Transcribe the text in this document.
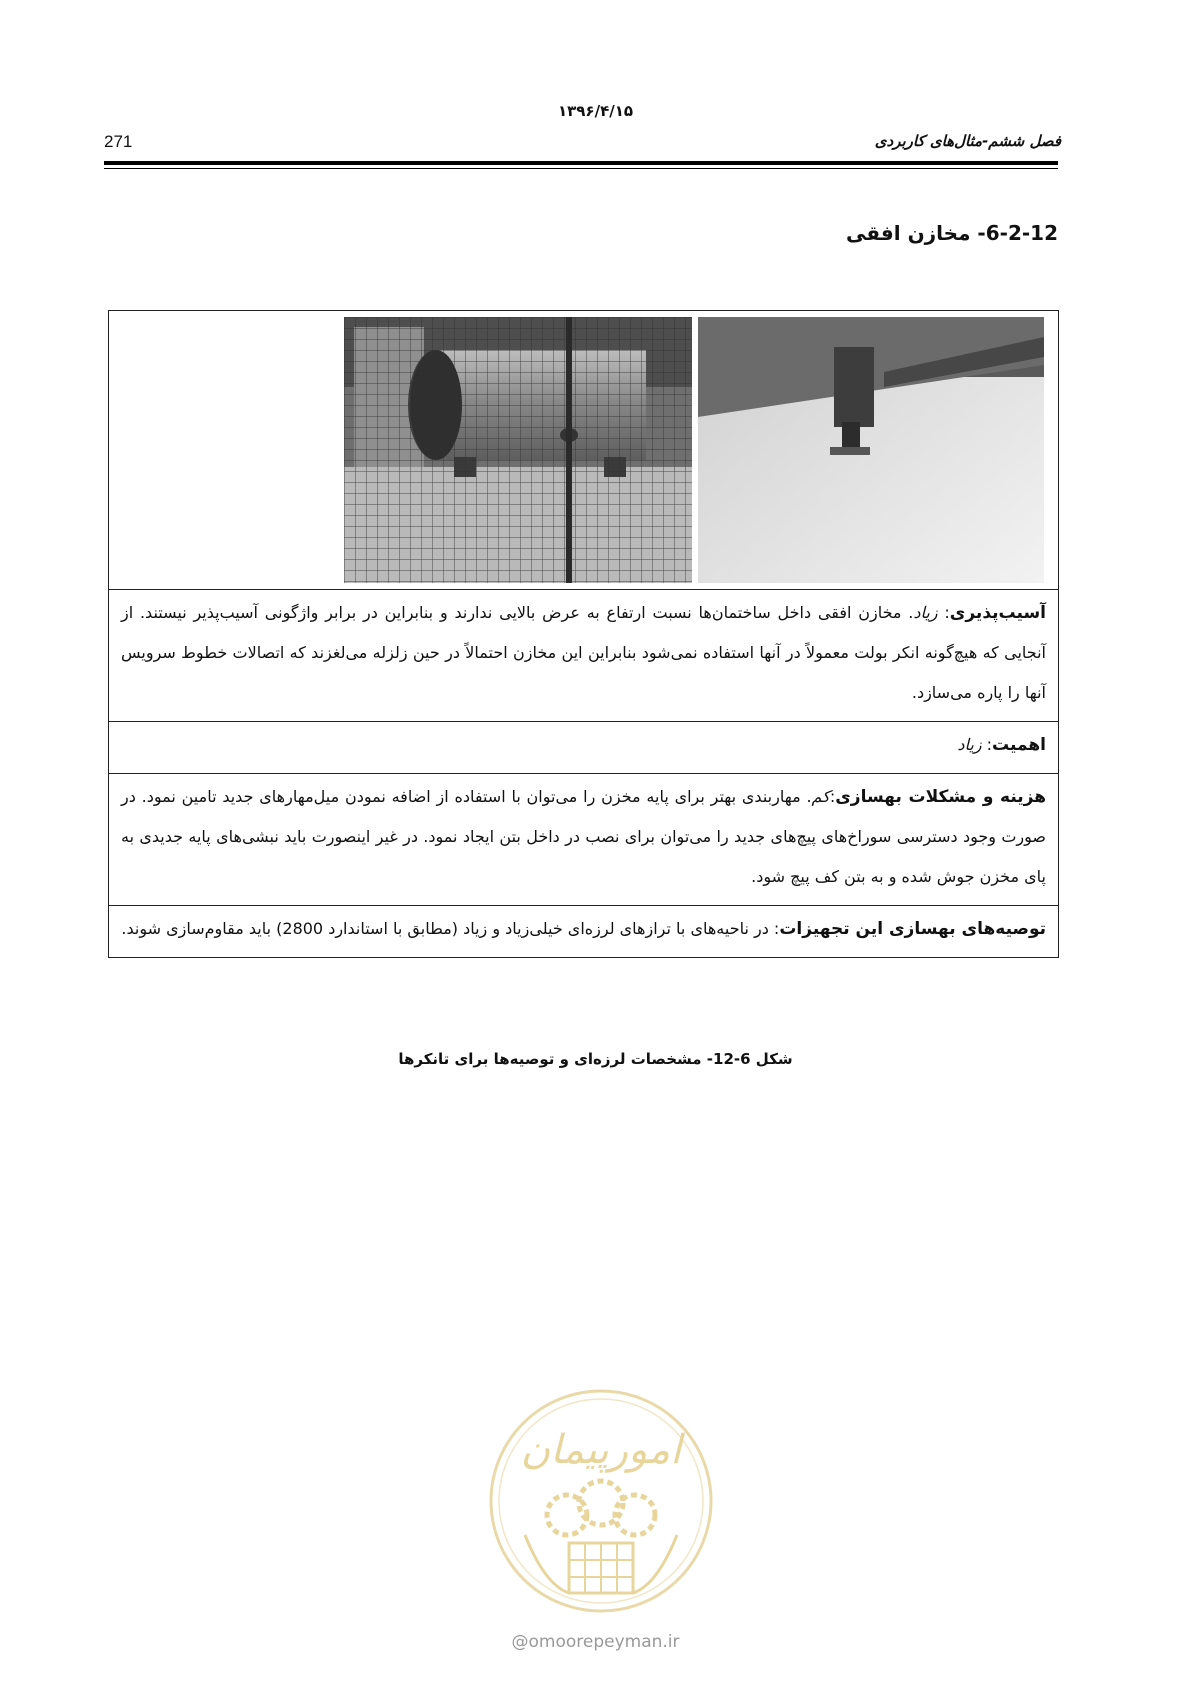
۱۳۹۶/۴/۱۵
271	فصل ششم-مثال‌های کاربردی
6-2-12- مخازن افقی

آسیب‌پذیری: زیاد. مخازن افقی داخل ساختمان‌ها نسبت ارتفاع به عرض بالایی ندارند و بنابراین در برابر واژگونی آسیب‌پذیر نیستند. از آنجایی که هیچ‌گونه انکر بولت معمولاً در آنها استفاده نمی‌شود بنابراین این مخازن احتمالاً در حین زلزله می‌لغزند که اتصالات خطوط سرویس آنها را پاره می‌سازد.
اهمیت: زیاد
هزینه و مشکلات بهسازی:کم. مهاربندی بهتر برای پایه مخزن را می‌توان با استفاده از اضافه نمودن میل‌مهارهای جدید تامین نمود. در صورت وجود دسترسی سوراخ‌های پیچ‌های جدید را می‌توان برای نصب در داخل بتن ایجاد نمود. در غیر اینصورت باید نبشی‌های پایه جدیدی به پای مخزن جوش شده و به بتن کف پیچ شود.
توصیه‌های بهسازی این تجهیزات: در ناحیه‌های با ترازهای لرزه‌ای خیلی‌زیاد و زیاد (مطابق با استاندارد 2800) باید مقاوم‌سازی شوند.
شکل 6-12- مشخصات لرزه‌ای و توصیه‌ها برای تانکرها
امورپیمان
@omoorepeyman.ir
